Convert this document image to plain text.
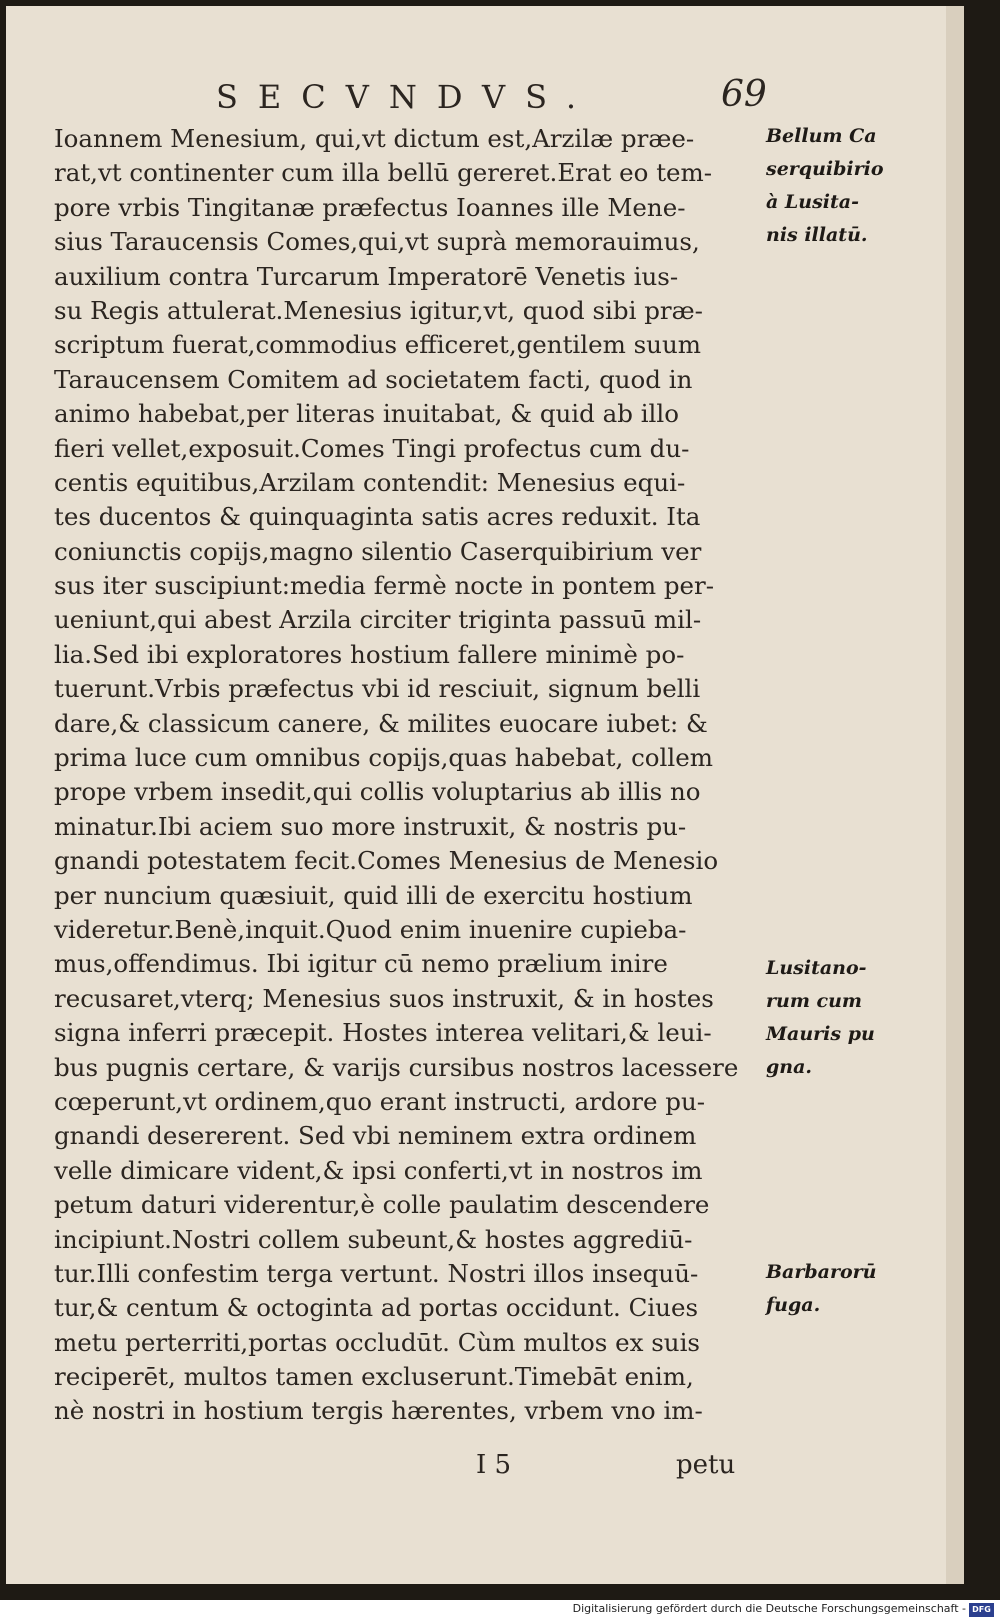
SECVNDVS.	69
Ioannem Menesium, qui,vt dictum est,Arzilæ præe-
rat,vt continenter cum illa bellū gereret.Erat eo tem-
pore vrbis Tingitanæ præfectus Ioannes ille Mene-
sius Taraucensis Comes,qui,vt suprà memorauimus,
auxilium contra Turcarum Imperatorē Venetis ius-
su Regis attulerat.Menesius igitur,vt, quod sibi præ-
scriptum fuerat,commodius efficeret,gentilem suum
Taraucensem Comitem ad societatem facti, quod in
animo habebat,per literas inuitabat, & quid ab illo
fieri vellet,exposuit.Comes Tingi profectus cum du-
centis equitibus,Arzilam contendit: Menesius equi-
tes ducentos & quinquaginta satis acres reduxit. Ita
coniunctis copijs,magno silentio Caserquibirium ver
sus iter suscipiunt:media fermè nocte in pontem per-
ueniunt,qui abest Arzila circiter triginta passuū mil-
lia.Sed ibi exploratores hostium fallere minimè po-
tuerunt.Vrbis præfectus vbi id resciuit, signum belli
dare,& classicum canere, & milites euocare iubet: &
prima luce cum omnibus copijs,quas habebat, collem
prope vrbem insedit,qui collis voluptarius ab illis no
minatur.Ibi aciem suo more instruxit, & nostris pu-
gnandi potestatem fecit.Comes Menesius de Menesio
per nuncium quæsiuit, quid illi de exercitu hostium
videretur.Benè,inquit.Quod enim inuenire cupieba-
mus,offendimus. Ibi igitur cū nemo prælium inire
recusaret,vterq; Menesius suos instruxit, & in hostes
signa inferri præcepit. Hostes interea velitari,& leui-
bus pugnis certare, & varijs cursibus nostros lacessere
cœperunt,vt ordinem,quo erant instructi, ardore pu-
gnandi desererent. Sed vbi neminem extra ordinem
velle dimicare vident,& ipsi conferti,vt in nostros im
petum daturi viderentur,è colle paulatim descendere
incipiunt.Nostri collem subeunt,& hostes aggrediū-
tur.Illi confestim terga vertunt. Nostri illos insequū-
tur,& centum & octoginta ad portas occidunt. Ciues
metu perterriti,portas occludūt. Cùm multos ex suis
reciperēt, multos tamen excluserunt.Timebāt enim,
nè nostri in hostium tergis hærentes, vrbem vno im-
I 5	petu
Bellum Ca
serquibirio
à Lusita-
nis illatū.
Lusitano-
rum cum
Mauris pu
gna.
Barbarorū
fuga.
Digitalisierung gefördert durch die Deutsche Forschungsgemeinschaft - DFG
